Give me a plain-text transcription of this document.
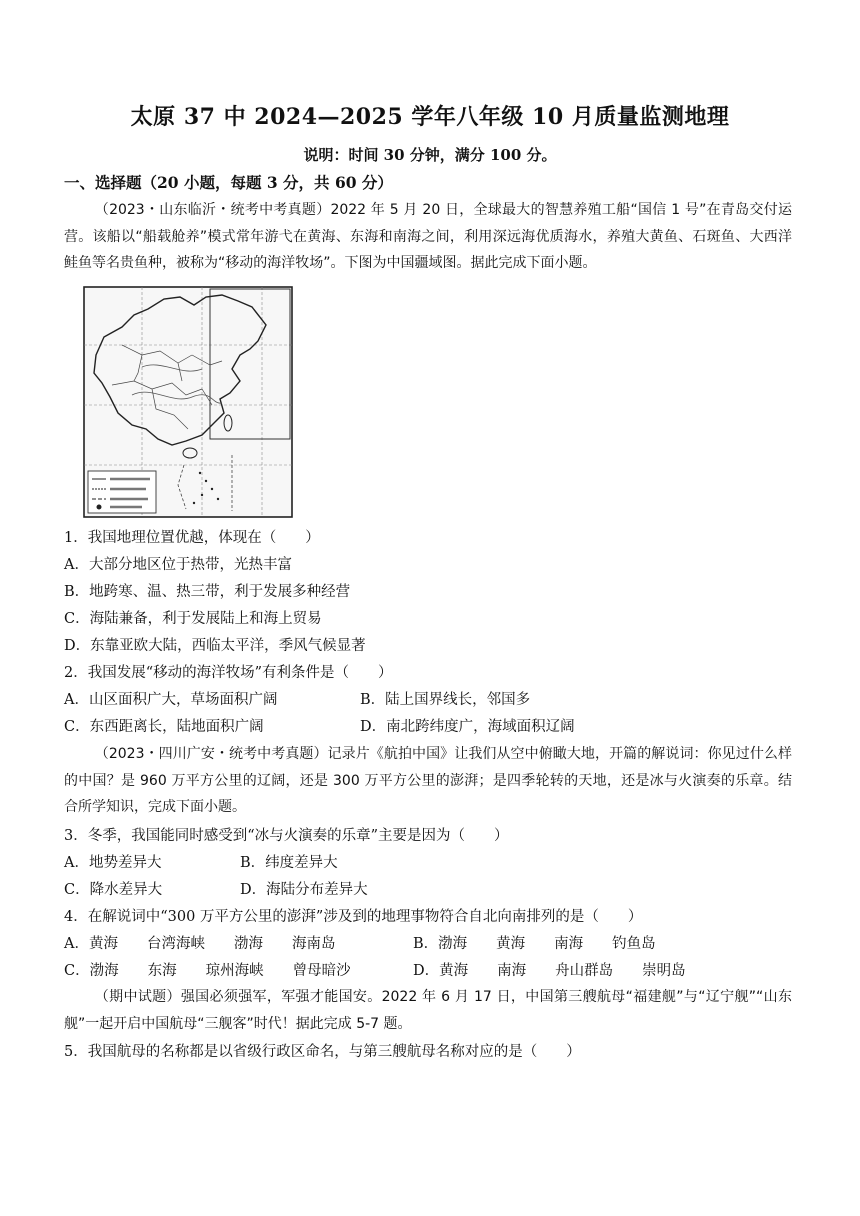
太原 37 中 2024—2025 学年八年级 10 月质量监测地理
说明：时间 30 分钟，满分 100 分。
一、选择题（20 小题，每题 3 分，共 60 分）
（2023・山东临沂・统考中考真题）2022 年 5 月 20 日，全球最大的智慧养殖工船“国信 1 号”在青岛交付运营。该船以“船载舱养”模式常年游弋在黄海、东海和南海之间，利用深远海优质海水，养殖大黄鱼、石斑鱼、大西洋鲑鱼等名贵鱼种，被称为“移动的海洋牧场”。下图为中国疆域图。据此完成下面小题。
1．我国地理位置优越，体现在（　　）
A．大部分地区位于热带，光热丰富
B．地跨寒、温、热三带，利于发展多种经营
C．海陆兼备，利于发展陆上和海上贸易
D．东靠亚欧大陆，西临太平洋，季风气候显著
2．我国发展“移动的海洋牧场”有利条件是（　　）
A．山区面积广大，草场面积广阔	B．陆上国界线长，邻国多
C．东西距离长，陆地面积广阔	D．南北跨纬度广，海域面积辽阔
（2023・四川广安・统考中考真题）记录片《航拍中国》让我们从空中俯瞰大地，开篇的解说词：你见过什么样的中国？是 960 万平方公里的辽阔，还是 300 万平方公里的澎湃；是四季轮转的天地，还是冰与火演奏的乐章。结合所学知识，完成下面小题。
3．冬季，我国能同时感受到“冰与火演奏的乐章”主要是因为（　　）
A．地势差异大	B．纬度差异大
C．降水差异大	D．海陆分布差异大
4．在解说词中“300 万平方公里的澎湃”涉及到的地理事物符合自北向南排列的是（　　）
A．黄海　　台湾海峡　　渤海　　海南岛	B．渤海　　黄海　　南海　　钓鱼岛
C．渤海　　东海　　琼州海峡　　曾母暗沙	D．黄海　　南海　　舟山群岛　　崇明岛
（期中试题）强国必须强军，军强才能国安。2022 年 6 月 17 日，中国第三艘航母“福建舰”与“辽宁舰”“山东舰”一起开启中国航母“三舰客”时代！据此完成 5-7 题。
5．我国航母的名称都是以省级行政区命名，与第三艘航母名称对应的是（　　）
